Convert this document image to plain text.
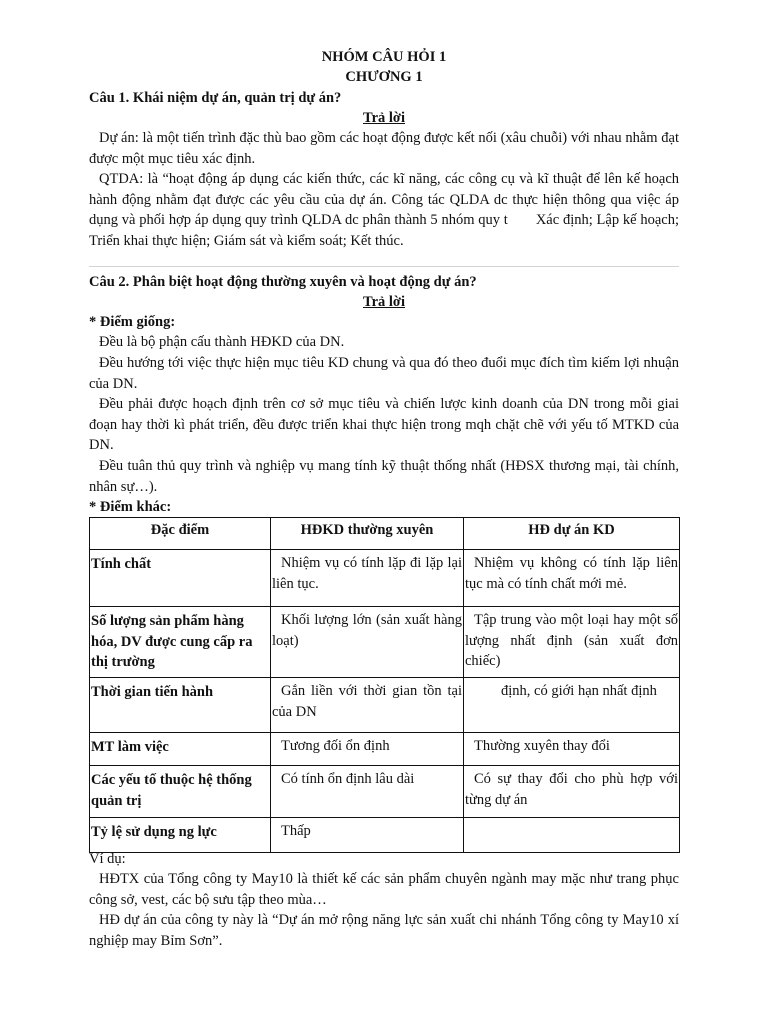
NHÓM CÂU HỎI 1
CHƯƠNG 1
Câu 1. Khái niệm dự án, quản trị dự án?
Trả lời
Dự án: là một tiến trình đặc thù bao gồm các hoạt động được kết nối (xâu chuỗi) với nhau nhằm đạt được một mục tiêu xác định.
QTDA: là “hoạt động áp dụng các kiến thức, các kĩ năng, các công cụ và kĩ thuật để lên kế hoạch hành động nhằm đạt được các yêu cầu của dự án. Công tác QLDA dc thực hiện thông qua việc áp dụng và phối hợp áp dụng quy trình QLDA dc phân thành 5 nhóm quy t Xác định; Lập kế hoạch; Triển khai thực hiện; Giám sát và kiểm soát; Kết thúc.
Câu 2. Phân biệt hoạt động thường xuyên và hoạt động dự án?
Trả lời
* Điểm giống:
Đều là bộ phận cấu thành HĐKD của DN.
Đều hướng tới việc thực hiện mục tiêu KD chung và qua đó theo đuổi mục đích tìm kiếm lợi nhuận của DN.
Đều phải được hoạch định trên cơ sở mục tiêu và chiến lược kinh doanh của DN trong mỗi giai đoạn hay thời kì phát triển, đều được triển khai thực hiện trong mqh chặt chẽ với yếu tố MTKD của DN.
Đều tuân thủ quy trình và nghiệp vụ mang tính kỹ thuật thống nhất (HĐSX thương mại, tài chính, nhân sự…).
* Điểm khác:
Đặc điểm	HĐKD thường xuyên	HĐ dự án KD
Tính chất	Nhiệm vụ có tính lặp đi lặp lại liên tục.	Nhiệm vụ không có tính lặp liên tục mà có tính chất mới mẻ.
Số lượng sản phẩm hàng hóa, DV được cung cấp ra thị trường	Khối lượng lớn (sản xuất hàng loạt)	Tập trung vào một loại hay một số lượng nhất định (sản xuất đơn chiếc)
Thời gian tiến hành	Gắn liền với thời gian tồn tại của DN	định, có giới hạn nhất định
MT làm việc	Tương đối ổn định	Thường xuyên thay đổi
Các yếu tố thuộc hệ thống quản trị	Có tính ổn định lâu dài	Có sự thay đổi cho phù hợp với từng dự án
Tỷ lệ sử dụng ng lực	Thấp	
Ví dụ:
HĐTX của Tổng công ty May10 là thiết kế các sản phẩm chuyên ngành may mặc như trang phục công sở, vest, các bộ sưu tập theo mùa…
HĐ dự án của công ty này là “Dự án mở rộng năng lực sản xuất chi nhánh Tổng công ty May10 xí nghiệp may Bỉm Sơn”.
